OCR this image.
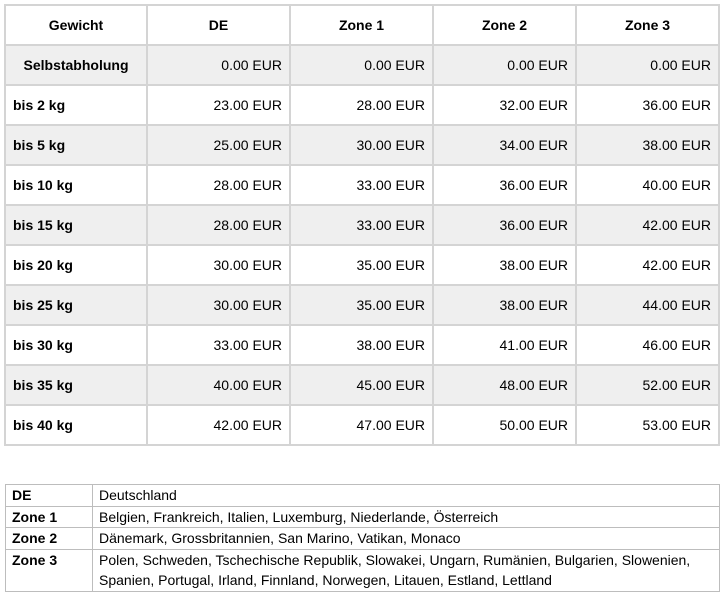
Gewicht	DE	Zone 1	Zone 2	Zone 3
Selbstabholung	0.00 EUR	0.00 EUR	0.00 EUR	0.00 EUR
bis 2 kg	23.00 EUR	28.00 EUR	32.00 EUR	36.00 EUR
bis 5 kg	25.00 EUR	30.00 EUR	34.00 EUR	38.00 EUR
bis 10 kg	28.00 EUR	33.00 EUR	36.00 EUR	40.00 EUR
bis 15 kg	28.00 EUR	33.00 EUR	36.00 EUR	42.00 EUR
bis 20 kg	30.00 EUR	35.00 EUR	38.00 EUR	42.00 EUR
bis 25 kg	30.00 EUR	35.00 EUR	38.00 EUR	44.00 EUR
bis 30 kg	33.00 EUR	38.00 EUR	41.00 EUR	46.00 EUR
bis 35 kg	40.00 EUR	45.00 EUR	48.00 EUR	52.00 EUR
bis 40 kg	42.00 EUR	47.00 EUR	50.00 EUR	53.00 EUR
DE	Deutschland
Zone 1	Belgien, Frankreich, Italien, Luxemburg, Niederlande, Österreich
Zone 2	Dänemark, Grossbritannien, San Marino, Vatikan, Monaco
Zone 3	Polen, Schweden, Tschechische Republik, Slowakei, Ungarn, Rumänien, Bulgarien, Slowenien, Spanien, Portugal, Irland, Finnland, Norwegen, Litauen, Estland, Lettland
